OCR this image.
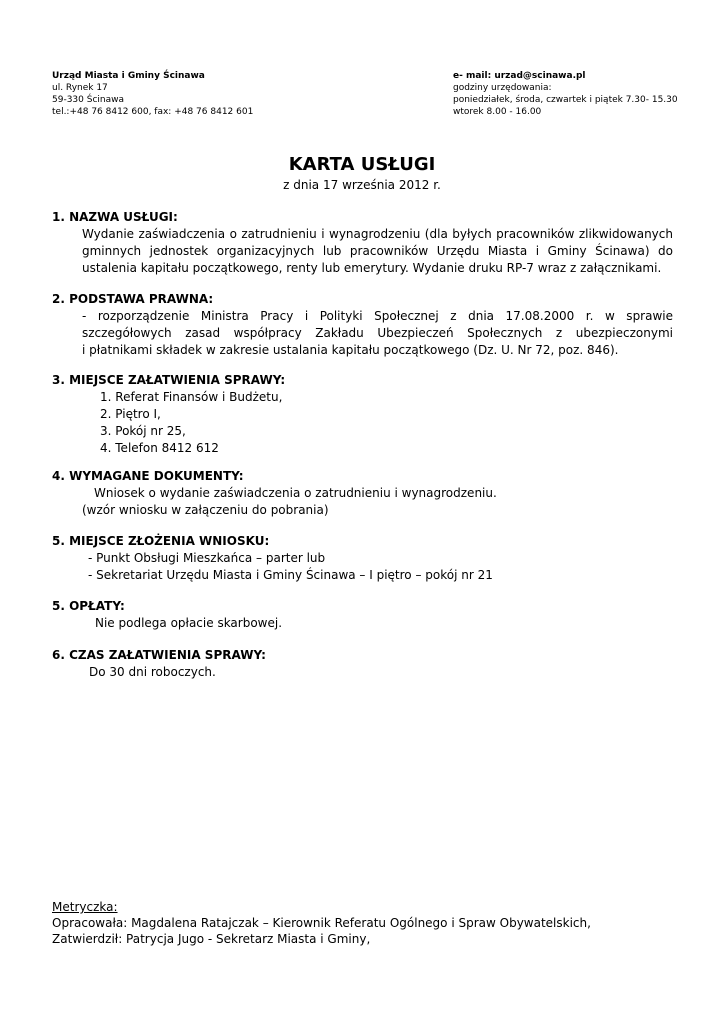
Urząd Miasta i Gminy Ścinawa
ul. Rynek 17
59-330 Ścinawa
tel.:+48 76 8412 600, fax: +48 76 8412 601
e- mail: urzad@scinawa.pl
godziny urzędowania:
poniedziałek, środa, czwartek i piątek 7.30- 15.30
wtorek 8.00 - 16.00
KARTA USŁUGI
z dnia 17 września 2012 r.
1. NAZWA USŁUGI:
Wydanie zaświadczenia o zatrudnieniu i wynagrodzeniu (dla byłych pracowników zlikwidowanych
gminnych jednostek organizacyjnych lub pracowników Urzędu Miasta i Gminy Ścinawa) do
ustalenia kapitału początkowego, renty lub emerytury. Wydanie druku RP-7 wraz z załącznikami.
2. PODSTAWA PRAWNA:
- rozporządzenie Ministra Pracy i Polityki Społecznej z dnia 17.08.2000 r. w sprawie
szczegółowych zasad współpracy Zakładu Ubezpieczeń Społecznych z ubezpieczonymi
i płatnikami składek w zakresie ustalania kapitału początkowego (Dz. U. Nr 72, poz. 846).
3. MIEJSCE ZAŁATWIENIA SPRAWY:
1. Referat Finansów i Budżetu,
2. Piętro I,
3. Pokój nr 25,
4. Telefon 8412 612
4. WYMAGANE DOKUMENTY:
Wniosek o wydanie zaświadczenia o zatrudnieniu i wynagrodzeniu.
(wzór wniosku w załączeniu do pobrania)
5. MIEJSCE ZŁOŻENIA WNIOSKU:
- Punkt Obsługi Mieszkańca – parter lub
- Sekretariat Urzędu Miasta i Gminy Ścinawa – I piętro – pokój nr 21
5. OPŁATY:
Nie podlega opłacie skarbowej.
6. CZAS ZAŁATWIENIA SPRAWY:
Do 30 dni roboczych.
Metryczka:
Opracowała: Magdalena Ratajczak – Kierownik Referatu Ogólnego i Spraw Obywatelskich,
Zatwierdził: Patrycja Jugo - Sekretarz Miasta i Gminy,
